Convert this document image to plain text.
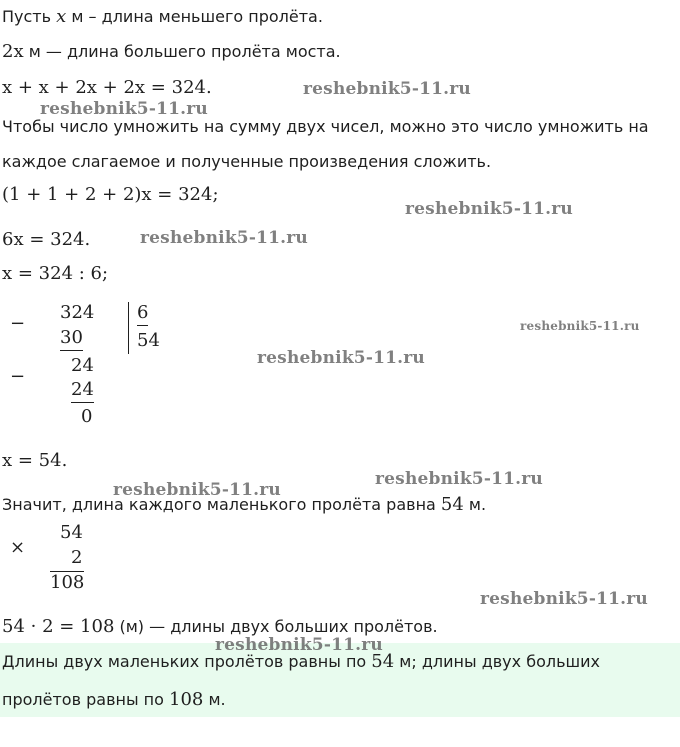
Пусть x м – длина меньшего пролёта.
2x м — длина большего пролёта моста.
x + x + 2x + 2x = 324.
Чтобы число умножить на сумму двух чисел, можно это число умножить на
каждое слагаемое и полученные произведения сложить.
(1 + 1 + 2 + 2)x = 324;
6x = 324.
x = 324 : 6;
−
324
30
−
24
24
0
6
54
x = 54.
Значит, длина каждого маленького пролёта равна 54 м.
×
54
2
108
54 · 2 = 108 (м) — длины двух больших пролётов.
Длины двух маленьких пролётов равны по 54 м; длины двух больших
пролётов равны по 108 м.
reshebnik5-11.ru
reshebnik5-11.ru
reshebnik5-11.ru
reshebnik5-11.ru
reshebnik5-11.ru
reshebnik5-11.ru
reshebnik5-11.ru
reshebnik5-11.ru
reshebnik5-11.ru
reshebnik5-11.ru
